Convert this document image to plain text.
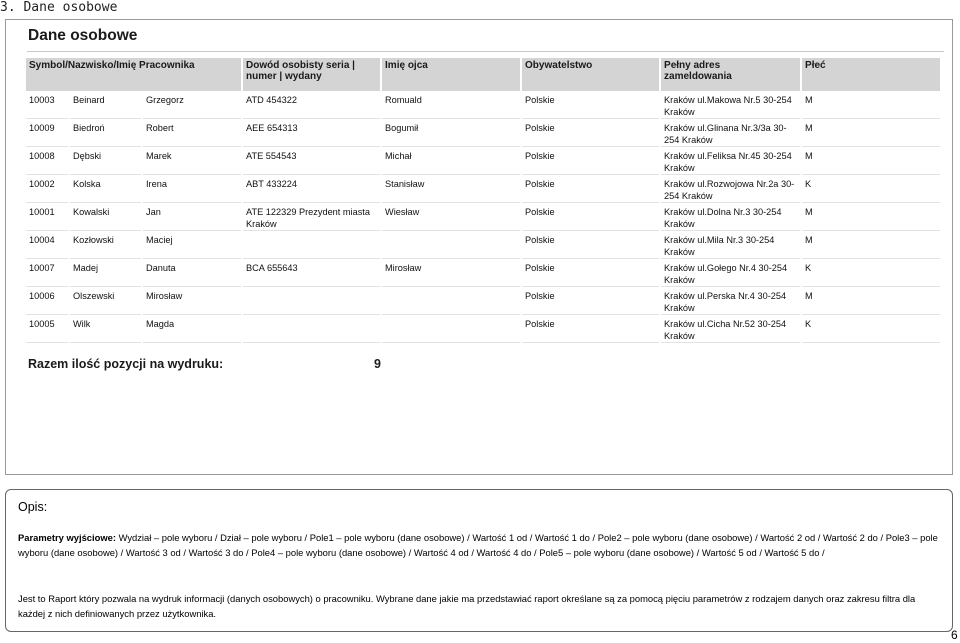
3. Dane osobowe
Dane osobowe
Symbol/Nazwisko/Imię Pracownika			Dowód osobisty seria |
numer | wydany	Imię ojca	Obywatelstwo	Pełny adres
zameldowania	Płeć
10003	Beinard	Grzegorz	ATD 454322	Romuald	Polskie	Kraków ul.Makowa Nr.5 30-254 Kraków	M
10009	Biedroń	Robert	AEE 654313	Bogumił	Polskie	Kraków ul.Glinana Nr.3/3a 30-254 Kraków	M
10008	Dębski	Marek	ATE 554543	Michał	Polskie	Kraków ul.Feliksa Nr.45 30-254 Kraków	M
10002	Kolska	Irena	ABT 433224	Stanisław	Polskie	Kraków ul.Rozwojowa Nr.2a 30-254 Kraków	K
10001	Kowalski	Jan	ATE 122329 Prezydent miasta Kraków	Wiesław	Polskie	Kraków ul.Dolna Nr.3 30-254 Kraków	M
10004	Kozłowski	Maciej			Polskie	Kraków ul.Mila Nr.3 30-254 Kraków	M
10007	Madej	Danuta	BCA 655643	Mirosław	Polskie	Kraków ul.Gołego Nr.4 30-254 Kraków	K
10006	Olszewski	Mirosław			Polskie	Kraków ul.Perska Nr.4 30-254 Kraków	M
10005	Wilk	Magda			Polskie	Kraków ul.Cicha Nr.52 30-254 Kraków	K
Razem ilość pozycji na wydruku:	9
Opis:
Parametry wyjściowe: Wydział – pole wyboru / Dział – pole wyboru / Pole1 – pole wyboru (dane osobowe) / Wartość 1 od / Wartość 1 do / Pole2 – pole wyboru (dane osobowe) / Wartość 2 od / Wartość 2 do / Pole3 – pole wyboru (dane osobowe) / Wartość 3 od / Wartość 3 do / Pole4 – pole wyboru (dane osobowe) / Wartość 4 od / Wartość 4 do / Pole5 – pole wyboru (dane osobowe) / Wartość 5 od / Wartość 5 do /
Jest to Raport który pozwala na wydruk informacji (danych osobowych) o pracowniku. Wybrane dane jakie ma przedstawiać raport określane są za pomocą pięciu parametrów z rodzajem danych oraz zakresu filtra dla każdej z nich definiowanych przez użytkownika.
6
